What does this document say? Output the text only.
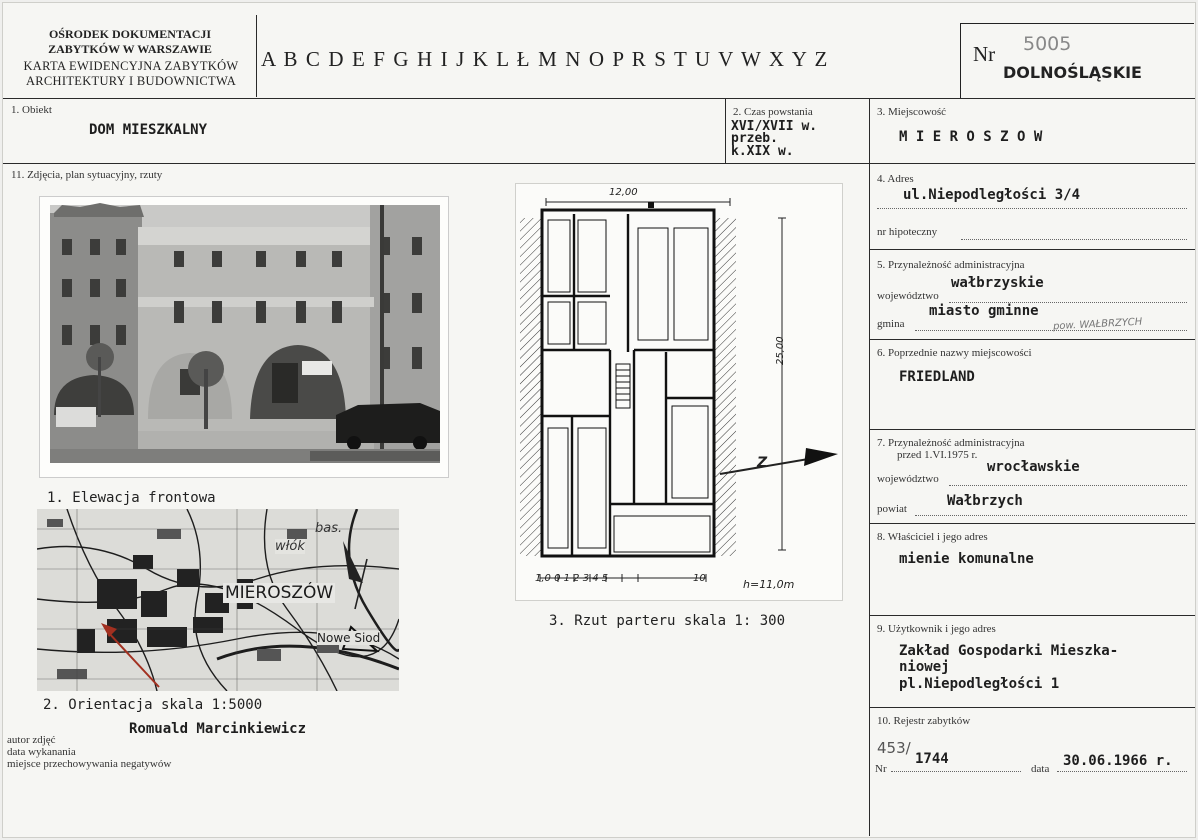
OŚRODEK DOKUMENTACJI
ZABYTKÓW W WARSZAWIE
KARTA EWIDENCYJNA ZABYTKÓW
ARCHITEKTURY I BUDOWNICTWA
A B C D E F G H I J K L Ł M N O P R S T U V W X Y Z	Nr 5005
DOLNOŚLĄSKIE
1. Obiekt
DOM MIESZKALNY
2. Czas powstania
XVI/XVII w.
przeb.
k.XIX w.
3. Miejscowość
M I E R O S Z O W
4. Adres
ul.Niepodległości 3/4
nr hipoteczny
5. Przynależność administracyjna
województwo
wałbrzyskie
gmina
miasto gminne
pow. WAŁBRZYCH
6. Poprzednie nazwy miejscowości
FRIEDLAND
7. Przynależność administracyjna
przed 1.VI.1975 r.
województwo
wrocławskie
powiat	Wałbrzych
8. Właściciel i jego adres
mienie komunalne
9. Użytkownik i jego adres
Zakład Gospodarki Mieszka-
niowej
pl.Niepodległości 1
10. Rejestr zabytków
Nr
453/
1744
data 30.06.1966 r.
11. Zdjęcia, plan sytuacyjny, rzuty
1. Elewacja frontowa
MIEROSZÓW
bas.
włók
Nowe Siod
2. Orientacja skala 1:5000
12,00
25,00
Z
1,0 0 1 2 3 4 5	10	h=11,0m
3. Rzut parteru skala 1: 300
Romuald Marcinkiewicz
autor zdjęć
data wykanania
miejsce przechowywania negatywów
